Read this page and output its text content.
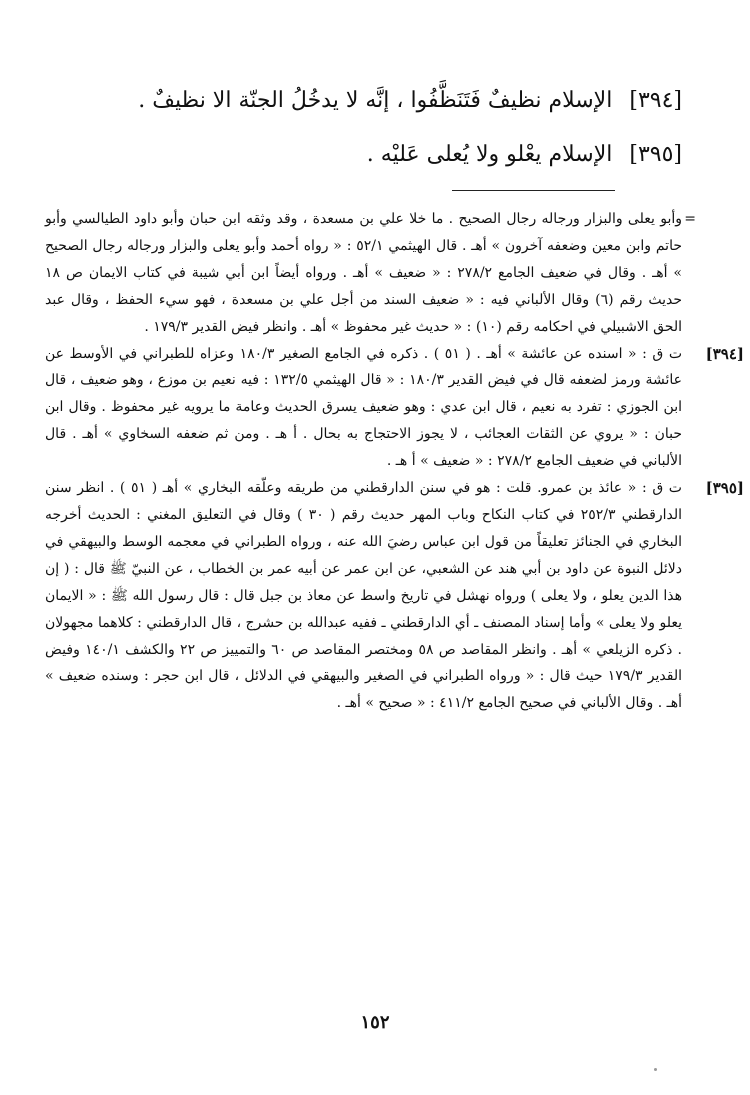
[٣٩٤] الإسلام نظيفٌ فَتَنَظَّفُوا ، إنَّه لا يدخُلُ الجنّة الا نظيفٌ .
[٣٩٥] الإسلام يعْلو ولا يُعلى عَليْه .
=
وأبو يعلى والبزار ورجاله رجال الصحيح . ما خلا علي بن مسعدة ، وقد وثقه ابن حبان وأبو داود الطيالسي وأبو حاتم وابن معين وضعفه آخرون » أهـ . قال الهيثمي ٥٢/١ : « رواه أحمد وأبو يعلى والبزار ورجاله رجال الصحيح » أهـ . وقال في ضعيف الجامع ٢٧٨/٢ : « ضعيف » أهـ . ورواه أيضاً ابن أبي شيبة في كتاب الايمان ص ١٨ حديث رقم (٦) وقال الألباني فيه : « ضعيف السند من أجل علي بن مسعدة ، فهو سيء الحفظ ، وقال عبد الحق الاشبيلي في احكامه رقم (١٠) : « حديث غير محفوظ » أهـ . وانظر فيض القدير ١٧٩/٣ .
[٣٩٤]
ت ق : « اسنده عن عائشة » أهـ . ( ٥١ ) . ذكره في الجامع الصغير ١٨٠/٣ وعزاه للطبراني في الأوسط عن عائشة ورمز لضعفه قال في فيض القدير ١٨٠/٣ : « قال الهيثمي ١٣٢/٥ : فيه نعيم بن موزع ، وهو ضعيف ، قال ابن الجوزي : تفرد به نعيم ، قال ابن عدي : وهو ضعيف يسرق الحديث وعامة ما يرويه غير محفوظ . وقال ابن حبان : « يروي عن الثقات العجائب ، لا يجوز الاحتجاج به بحال . أ هـ . ومن ثم ضعفه السخاوي » أهـ . قال الألباني في ضعيف الجامع ٢٧٨/٢ : « ضعيف » أ هـ .
[٣٩٥]
ت ق : « عائذ بن عمرو. قلت : هو في سنن الدارقطني من طريقه وعلّقه البخاري » أهـ ( ٥١ ) . انظر سنن الدارقطني ٢٥٢/٣ في كتاب النكاح وباب المهر حديث رقم ( ٣٠ ) وقال في التعليق المغني : الحديث أخرجه البخاري في الجنائز تعليقاً من قول ابن عباس رضيَ الله عنه ، ورواه الطبراني في معجمه الوسط والبيهقي في دلائل النبوة عن داود بن أبي هند عن الشعبي، عن ابن عمر عن أبيه عمر بن الخطاب ، عن النبيّ ﷺ قال : ( إن هذا الدين يعلو ، ولا يعلى ) ورواه نهشل في تاريخ واسط عن معاذ بن جبل قال : قال رسول الله ﷺ : « الايمان يعلو ولا يعلى » وأما إسناد المصنف ـ أي الدارقطني ـ ففيه عبدالله بن حشرج ، قال الدارقطني : كلاهما مجهولان . ذكره الزيلعي » أهـ . وانظر المقاصد ص ٥٨ ومختصر المقاصد ص ٦٠ والتمييز ص ٢٢ والكشف ١٤٠/١ وفيض القدير ١٧٩/٣ حيث قال : « ورواه الطبراني في الصغير والبيهقي في الدلائل ، قال ابن حجر : وسنده ضعيف » أهـ . وقال الألباني في صحيح الجامع ٤١١/٢ : « صحيح » أهـ .
١٥٢
